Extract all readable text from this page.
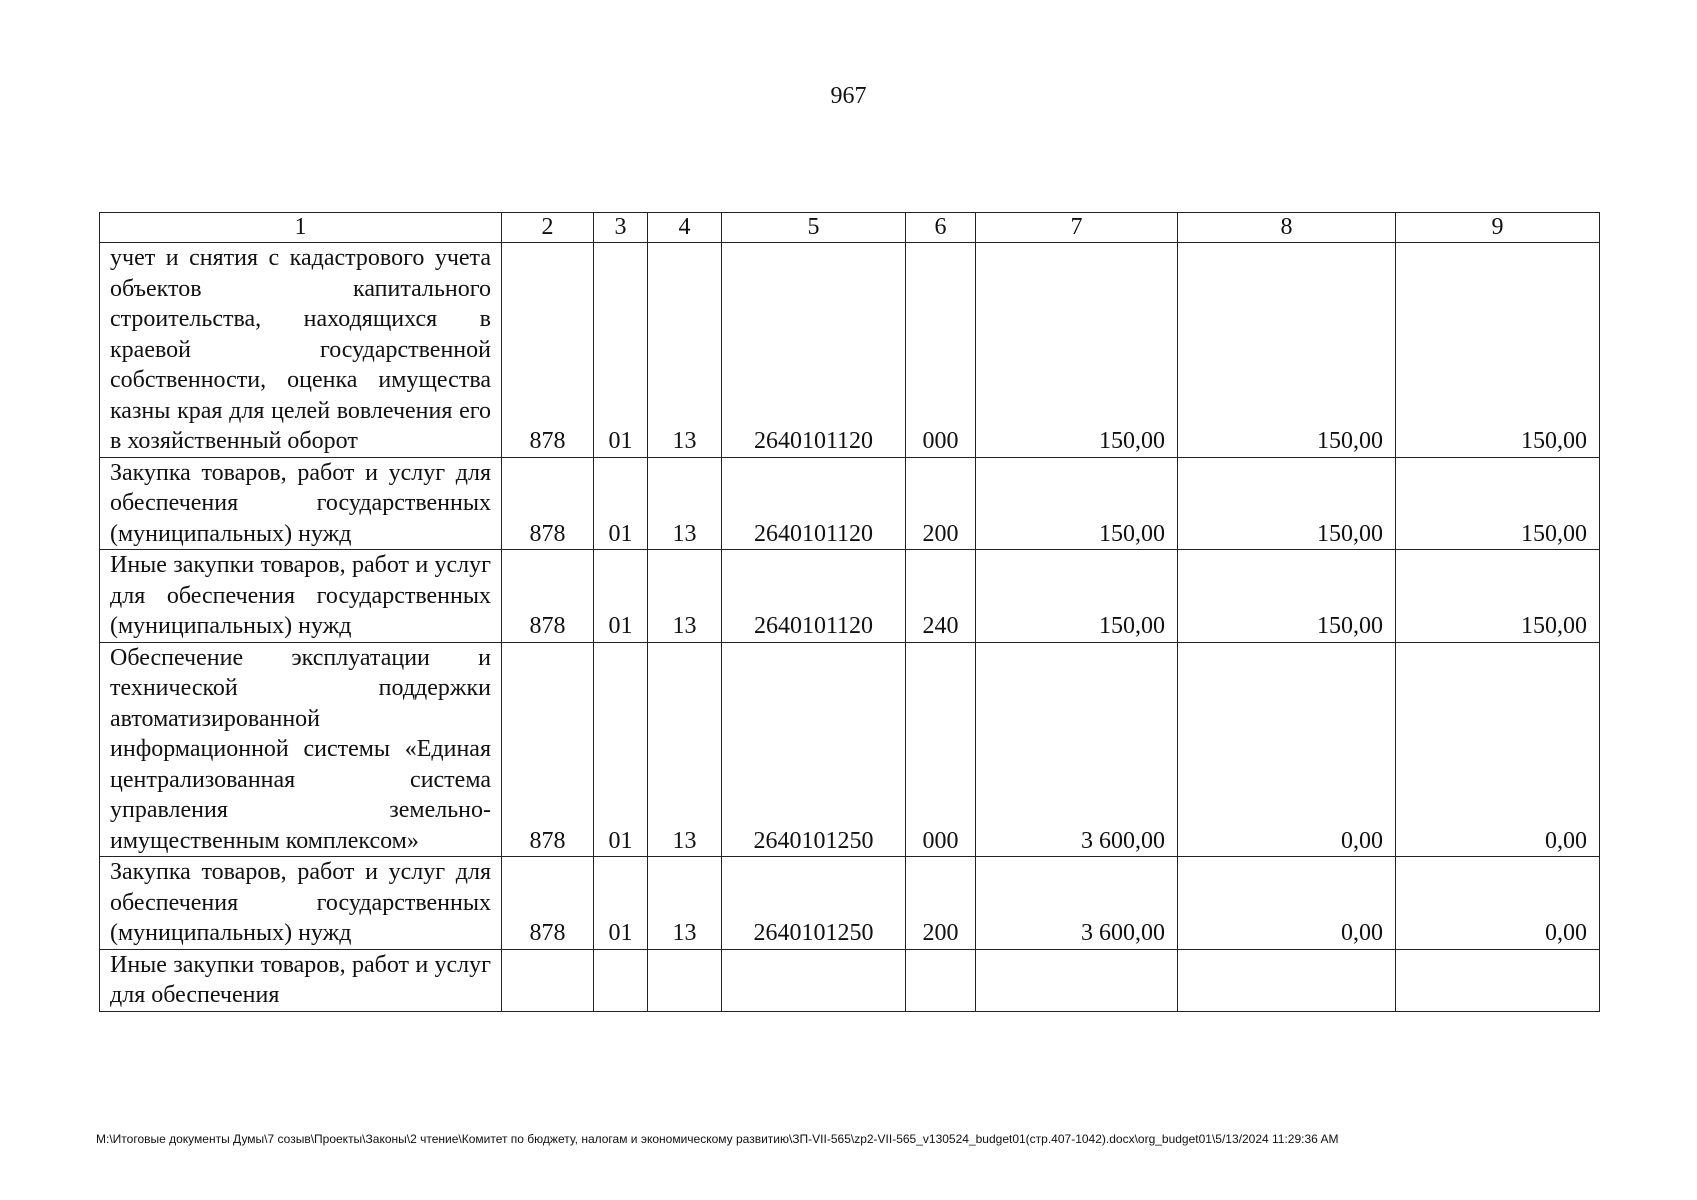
967
1	2	3	4	5	6	7	8	9
учет и снятия с кадастрового учета объектов капитального строительства, находящихся в краевой государственной собственности, оценка имущества казны края для целей вовлечения его в хозяйственный оборот	878	01	13	2640101120	000	150,00	150,00	150,00
Закупка товаров, работ и услуг для обеспечения государственных (муниципальных) нужд	878	01	13	2640101120	200	150,00	150,00	150,00
Иные закупки товаров, работ и услуг для обеспечения государственных (муниципальных) нужд	878	01	13	2640101120	240	150,00	150,00	150,00
Обеспечение эксплуатации и технической поддержки автоматизированной информационной системы «Единая централизованная система управления земельно-имущественным комплексом»	878	01	13	2640101250	000	3 600,00	0,00	0,00
Закупка товаров, работ и услуг для обеспечения государственных (муниципальных) нужд	878	01	13	2640101250	200	3 600,00	0,00	0,00
Иные закупки товаров, работ и услуг для обеспечения								
M:\Итоговые документы Думы\7 созыв\Проекты\Законы\2 чтение\Комитет по бюджету, налогам и экономическому развитию\ЗП-VII-565\zp2-VII-565_v130524_budget01(стр.407-1042).docx\org_budget01\5/13/2024 11:29:36 AM
